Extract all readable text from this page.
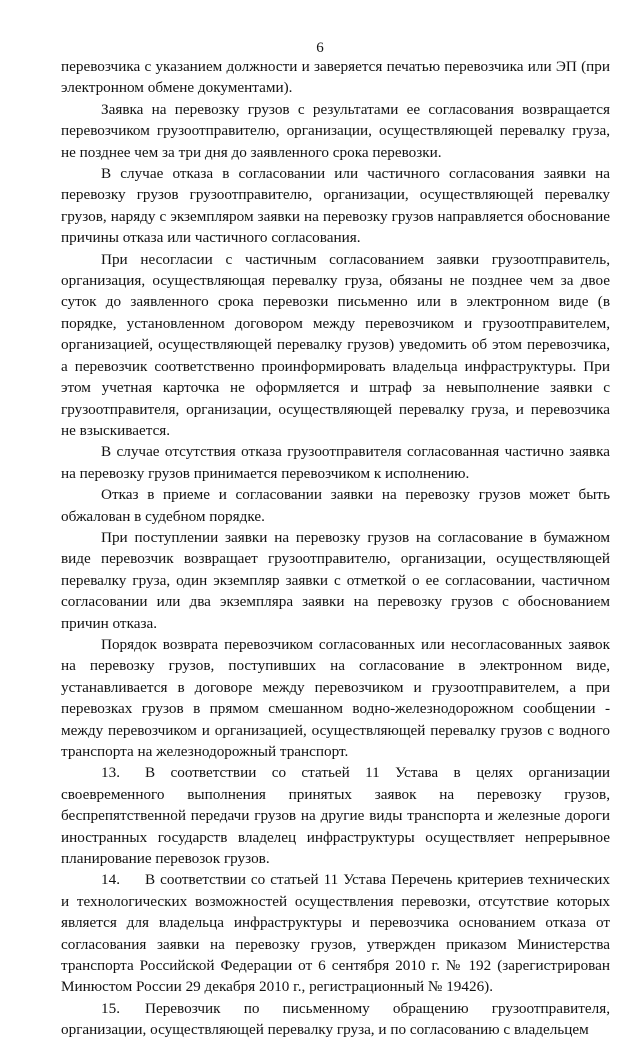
6

перевозчика с указанием должности и заверяется печатью перевозчика или ЭП (при электронном обмене документами).

Заявка на перевозку грузов с результатами ее согласования возвращается перевозчиком грузоотправителю, организации, осуществляющей перевалку груза, не позднее чем за три дня до заявленного срока перевозки.

В случае отказа в согласовании или частичного согласования заявки на перевозку грузов грузоотправителю, организации, осуществляющей перевалку грузов, наряду с экземпляром заявки на перевозку грузов направляется обоснование причины отказа или частичного согласования.

При несогласии с частичным согласованием заявки грузоотправитель, организация, осуществляющая перевалку груза, обязаны не позднее чем за двое суток до заявленного срока перевозки письменно или в электронном виде (в порядке, установленном договором между перевозчиком и грузоотправителем, организацией, осуществляющей перевалку грузов) уведомить об этом перевозчика, а перевозчик соответственно проинформировать владельца инфраструктуры. При этом учетная карточка не оформляется и штраф за невыполнение заявки с грузоотправителя, организации, осуществляющей перевалку груза, и перевозчика не взыскивается.

В случае отсутствия отказа грузоотправителя согласованная частично заявка на перевозку грузов принимается перевозчиком к исполнению.

Отказ в приеме и согласовании заявки на перевозку грузов может быть обжалован в судебном порядке.

При поступлении заявки на перевозку грузов на согласование в бумажном виде перевозчик возвращает грузоотправителю, организации, осуществляющей перевалку груза, один экземпляр заявки с отметкой о ее согласовании, частичном согласовании или два экземпляра заявки на перевозку грузов с обоснованием причин отказа.

Порядок возврата перевозчиком согласованных или несогласованных заявок на перевозку грузов, поступивших на согласование в электронном виде, устанавливается в договоре между перевозчиком и грузоотправителем, а при перевозках грузов в прямом смешанном водно-железнодорожном сообщении - между перевозчиком и организацией, осуществляющей перевалку грузов с водного транспорта на железнодорожный транспорт.

13. В соответствии со статьей 11 Устава в целях организации своевременного выполнения принятых заявок на перевозку грузов, беспрепятственной передачи грузов на другие виды транспорта и железные дороги иностранных государств владелец инфраструктуры осуществляет непрерывное планирование перевозок грузов.

14. В соответствии со статьей 11 Устава Перечень критериев технических и технологических возможностей осуществления перевозки, отсутствие которых является для владельца инфраструктуры и перевозчика основанием отказа от согласования заявки на перевозку грузов, утвержден приказом Министерства транспорта Российской Федерации от 6 сентября 2010 г. № 192 (зарегистрирован Минюстом России 29 декабря 2010 г., регистрационный № 19426).

15. Перевозчик по письменному обращению грузоотправителя, организации, осуществляющей перевалку груза, и по согласованию с владельцем
